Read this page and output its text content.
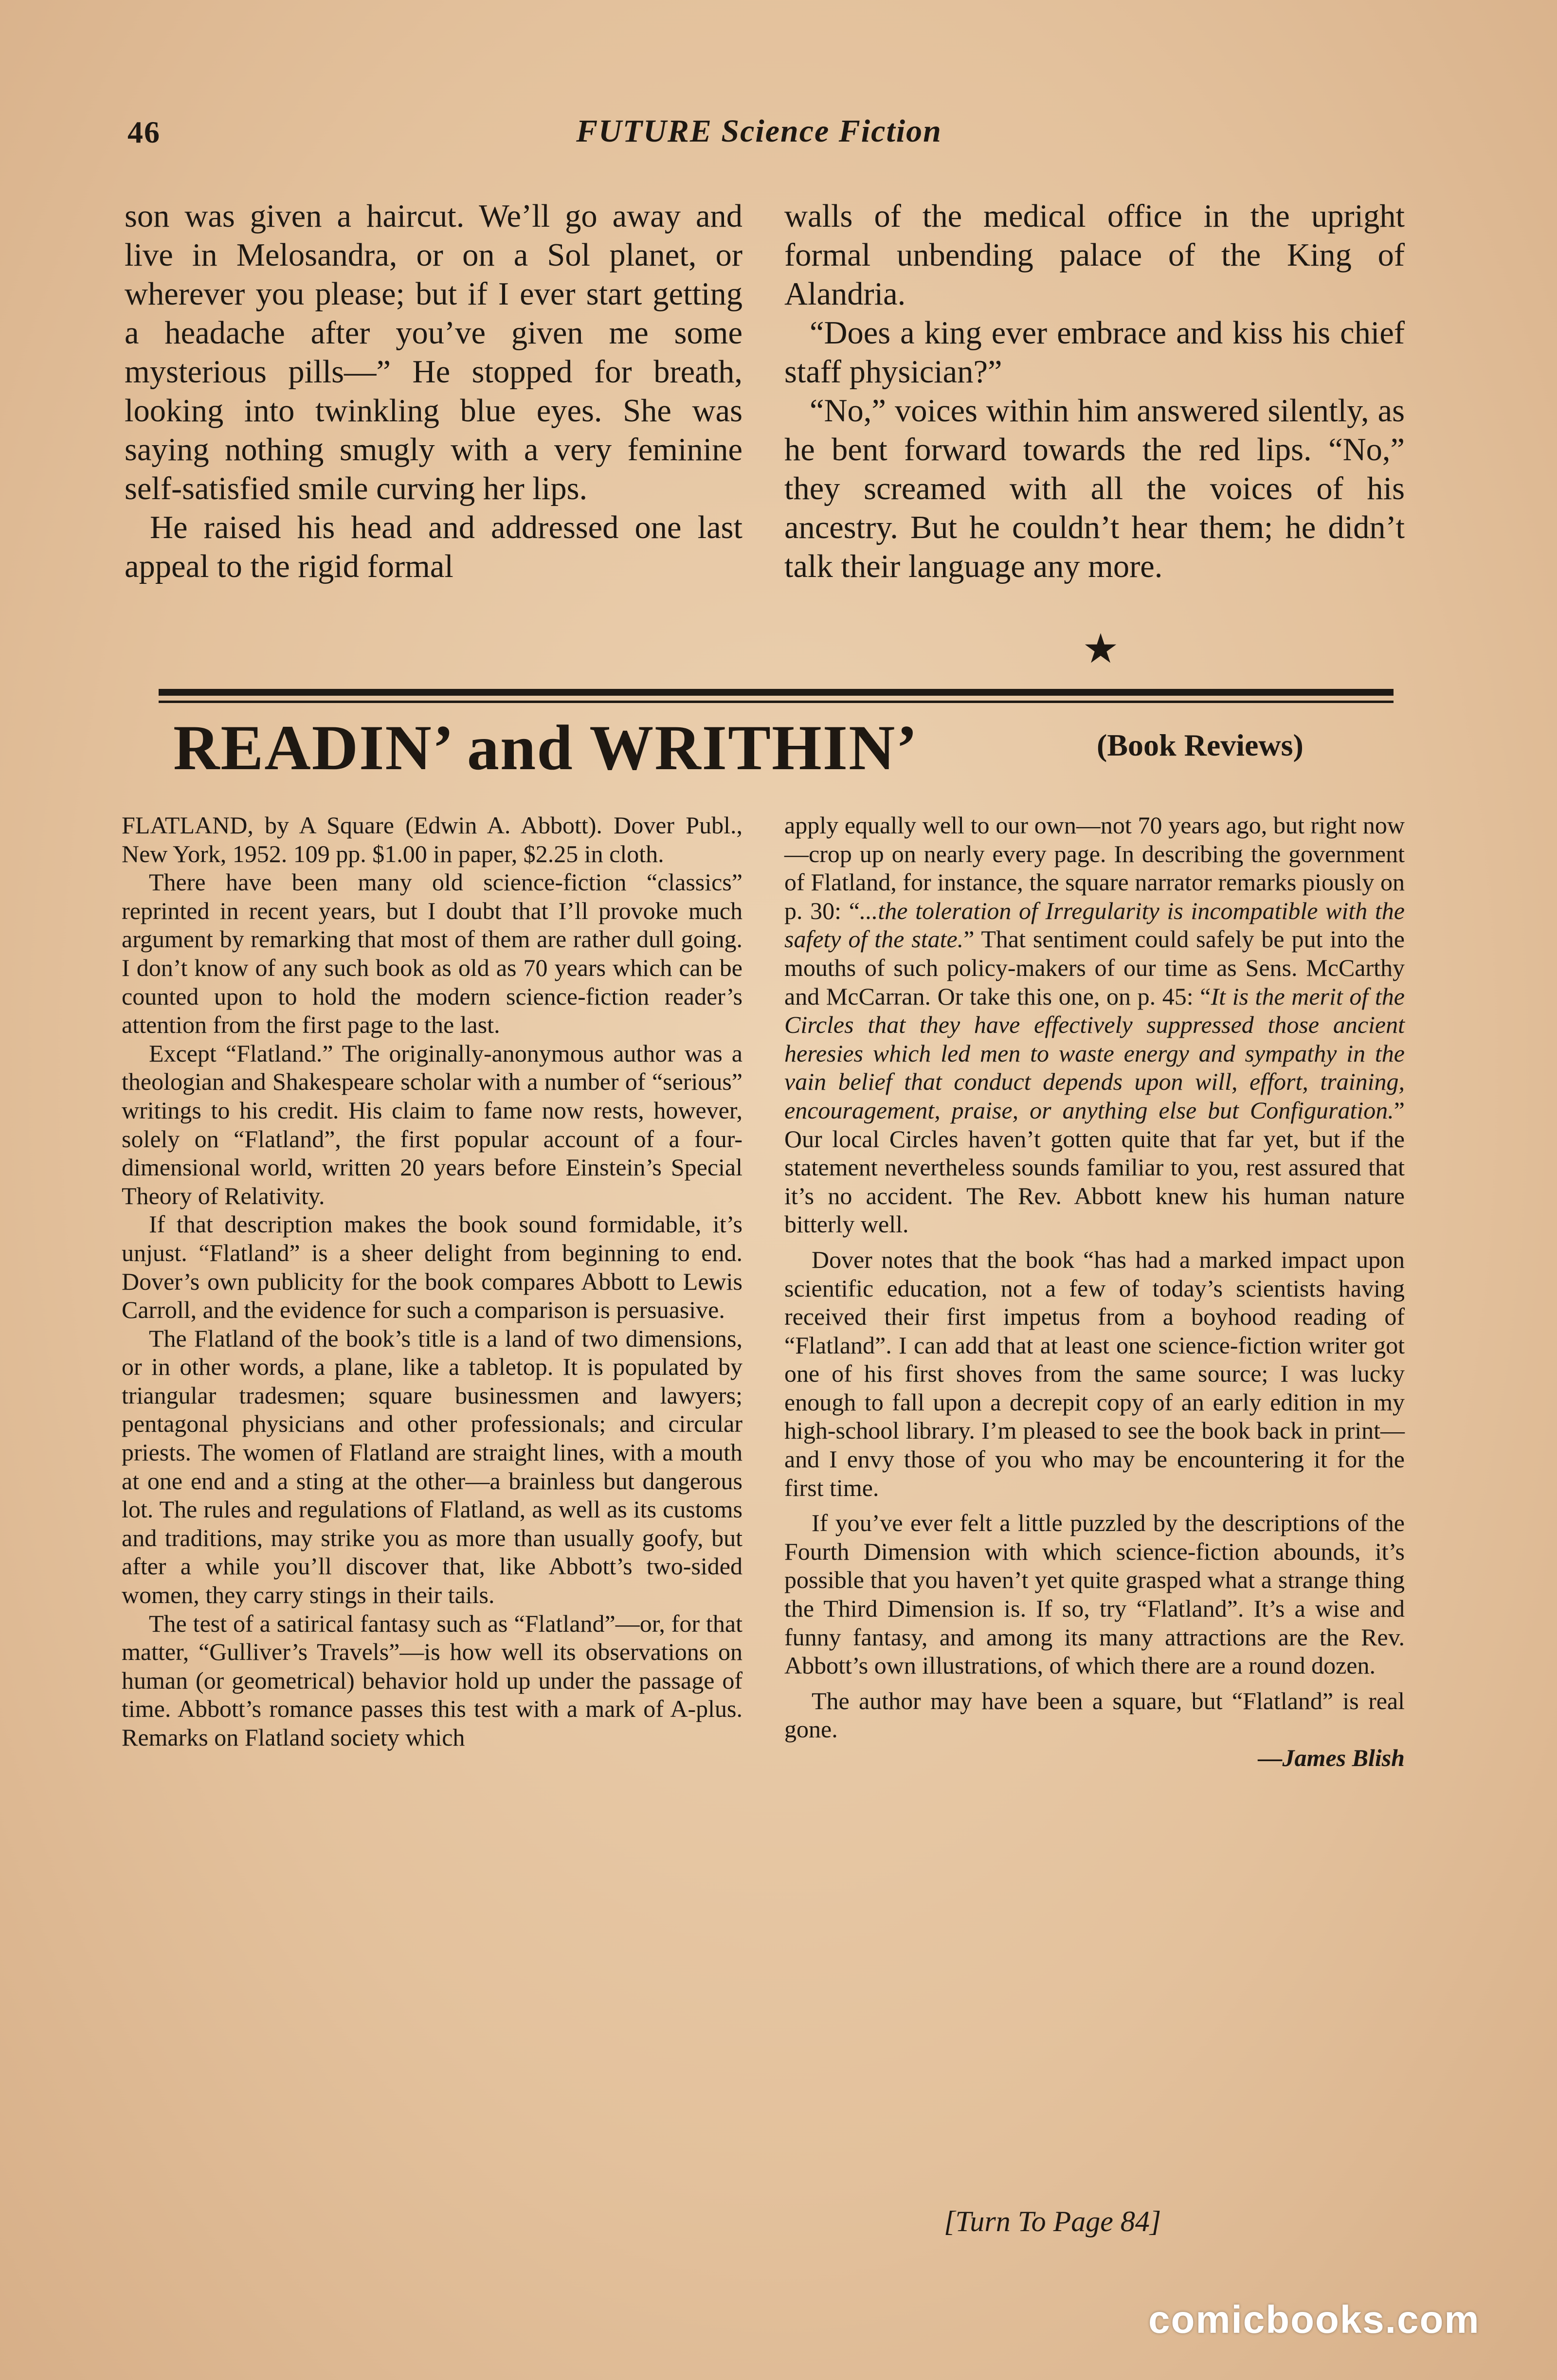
46	FUTURE Science Fiction

son was given a haircut. We’ll go away and live in Melosandra, or on a Sol planet, or wherever you please; but if I ever start getting a headache after you’ve given me some mysterious pills—” He stopped for breath, looking into twinkling blue eyes. She was saying nothing smugly with a very feminine self-satisfied smile curving her lips.

He raised his head and addressed one last appeal to the rigid formal

walls of the medical office in the upright formal unbending palace of the King of Alandria.

“Does a king ever embrace and kiss his chief staff physician?”

“No,” voices within him answered silently, as he bent forward towards the red lips. “No,” they screamed with all the voices of his ancestry. But he couldn’t hear them; he didn’t talk their language any more.

★
READIN’ and WRITHIN’	(Book Reviews)

FLATLAND, by A Square (Edwin A. Abbott). Dover Publ., New York, 1952. 109 pp. $1.00 in paper, $2.25 in cloth.

There have been many old science-fiction “classics” reprinted in recent years, but I doubt that I’ll provoke much argument by remarking that most of them are rather dull going. I don’t know of any such book as old as 70 years which can be counted upon to hold the modern science-fiction reader’s attention from the first page to the last.

Except “Flatland.” The originally-anonymous author was a theologian and Shakespeare scholar with a number of “serious” writings to his credit. His claim to fame now rests, however, solely on “Flatland”, the first popular account of a four-dimensional world, written 20 years before Einstein’s Special Theory of Relativity.

If that description makes the book sound formidable, it’s unjust. “Flatland” is a sheer delight from beginning to end. Dover’s own publicity for the book compares Abbott to Lewis Carroll, and the evidence for such a comparison is persuasive.

The Flatland of the book’s title is a land of two dimensions, or in other words, a plane, like a tabletop. It is populated by triangular tradesmen; square businessmen and lawyers; pentagonal physicians and other professionals; and circular priests. The women of Flatland are straight lines, with a mouth at one end and a sting at the other—a brainless but dangerous lot. The rules and regulations of Flatland, as well as its customs and traditions, may strike you as more than usually goofy, but after a while you’ll discover that, like Abbott’s two-sided women, they carry stings in their tails.

The test of a satirical fantasy such as “Flatland”—or, for that matter, “Gulliver’s Travels”—is how well its observations on human (or geometrical) behavior hold up under the passage of time. Abbott’s romance passes this test with a mark of A-plus. Remarks on Flatland society which

apply equally well to our own—not 70 years ago, but right now—crop up on nearly every page. In describing the government of Flatland, for instance, the square narrator remarks piously on p. 30: “...the toleration of Irregularity is incompatible with the safety of the state.” That sentiment could safely be put into the mouths of such policy-makers of our time as Sens. McCarthy and McCarran. Or take this one, on p. 45: “It is the merit of the Circles that they have effectively suppressed those ancient heresies which led men to waste energy and sympathy in the vain belief that conduct depends upon will, effort, training, encouragement, praise, or anything else but Configuration.” Our local Circles haven’t gotten quite that far yet, but if the statement nevertheless sounds familiar to you, rest assured that it’s no accident. The Rev. Abbott knew his human nature bitterly well.

Dover notes that the book “has had a marked impact upon scientific education, not a few of today’s scientists having received their first impetus from a boyhood reading of “Flatland”. I can add that at least one science-fiction writer got one of his first shoves from the same source; I was lucky enough to fall upon a decrepit copy of an early edition in my high-school library. I’m pleased to see the book back in print—and I envy those of you who may be encountering it for the first time.

If you’ve ever felt a little puzzled by the descriptions of the Fourth Dimension with which science-fiction abounds, it’s possible that you haven’t yet quite grasped what a strange thing the Third Dimension is. If so, try “Flatland”. It’s a wise and funny fantasy, and among its many attractions are the Rev. Abbott’s own illustrations, of which there are a round dozen.

The author may have been a square, but “Flatland” is real gone.

—James Blish

[Turn To Page 84]
comicbooks.com
